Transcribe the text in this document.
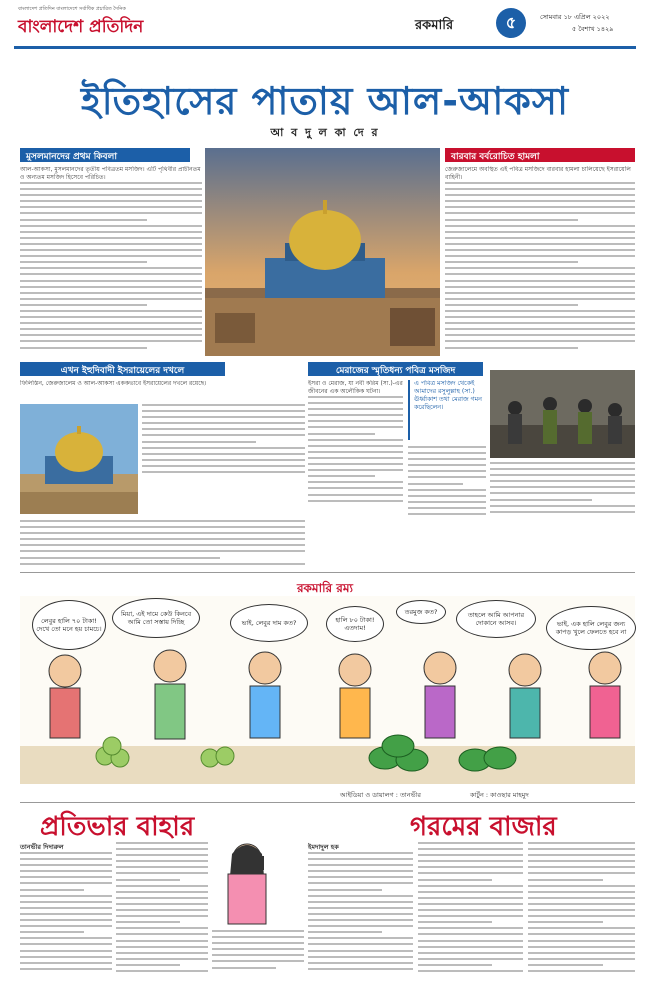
বাংলাদেশ প্রতিদিন বাংলাদেশে সর্বাধিক প্রচারিত দৈনিক
বাংলাদেশ প্রতিদিন	রকমারি	৫	সোমবার ১৮ এপ্রিল ২০২২
৫ বৈশাখ ১৪২৯
ইতিহাসের পাতায় আল-আকসা
আ ব দু ল কা দে র
মুসলমানদের প্রথম কিবলা
আল-আকসা, মুসলমানদের তৃতীয় পবিত্রতম মসজিদ। এটি পৃথিবীর প্রাচীনতম ও অন্যতম মসজিদ হিসেবে পরিচিত।
বারবার বর্বরোচিত হামলা
জেরুজালেমে অবস্থিত এই পবিত্র মসজিদে বারবার হামলা চালিয়েছে ইসরায়েলি বাহিনী।
এখন ইহুদিবাদী ইসরায়েলের দখলে
ফিলিস্তিন, জেরুজালেম ও আল-আকসা এককভাবে ইসরায়েলের দখলে রয়েছে।
মেরাজের স্মৃতিধন্য পবিত্র মসজিদ
ইসরা ও মেরাজ, যা নবী করিম (সা.)-এর জীবনের এক অলৌকিক ঘটনা।
এ পবিত্র মসজিদ থেকেই আমাদের রসুলুল্লাহ (সা.) ঊর্ধ্বাকাশ তথা মেরাজ গমন করেছিলেন।
রকমারি রম্য
লেবুর হালি ৭০ টাকা! দেখে তো মনে হয় চামচে।
মিয়া, এই দামে কেউ কিনবে আমি তো সস্তায় দিচ্ছি	ভাই, লেবুর দাম কত?	হালি ৮০ টাকা! এতদাম!
তরমুজ কত?	তাহলে আমি আপনার দোকানে আসব।	ভাই, এক হালি লেবুর জন্য কাপড় খুলে ফেলতে হবে না
আইডিয়া ও ডায়ালগ : তানভীর	কার্টুন : কাওছার মাহমুদ
প্রতিভার বাহার
তানভীর দিদারুল
গরমের বাজার
ইমদাদুল হক
